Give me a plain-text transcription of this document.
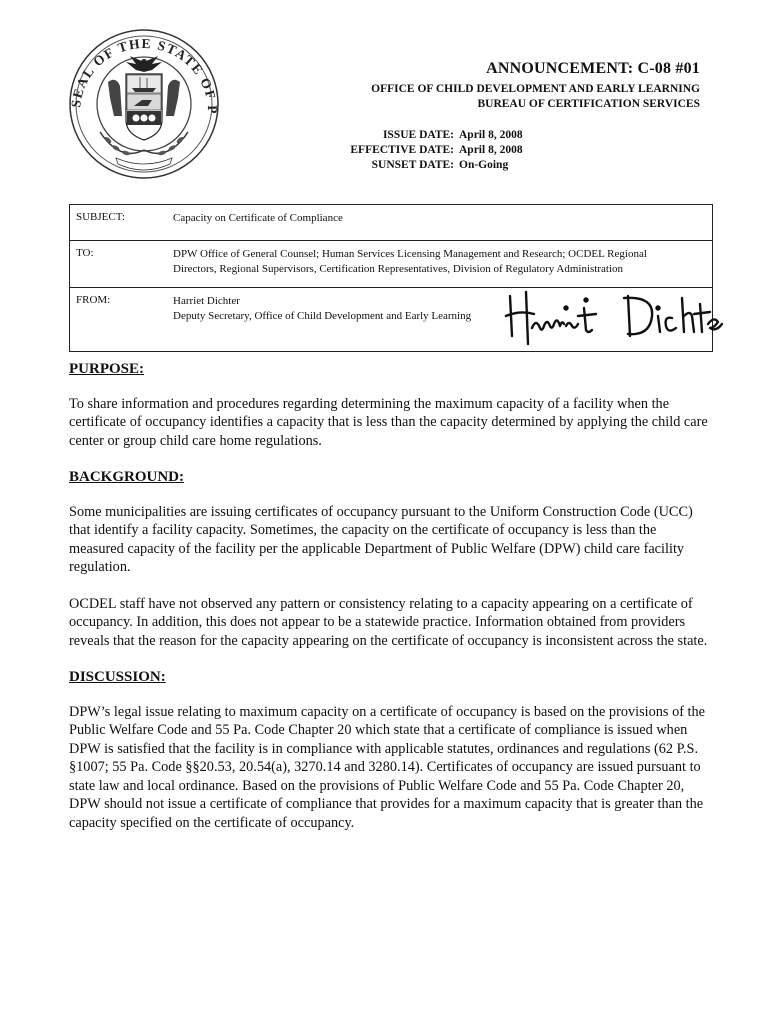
SEAL OF THE STATE OF P
ANNOUNCEMENT: C-08 #01
OFFICE OF CHILD DEVELOPMENT AND EARLY LEARNING
BUREAU OF CERTIFICATION SERVICES
ISSUE DATE: April 8, 2008
EFFECTIVE DATE: April 8, 2008
SUNSET DATE: On-Going
SUBJECT:	Capacity on Certificate of Compliance
TO:	DPW Office of General Counsel; Human Services Licensing Management and Research; OCDEL Regional
Directors, Regional Supervisors, Certification Representatives, Division of Regulatory Administration
FROM:	Harriet Dichter
Deputy Secretary, Office of Child Development and Early Learning
PURPOSE:

To share information and procedures regarding determining the maximum capacity of a facility when the certificate of occupancy identifies a capacity that is less than the capacity determined by applying the child care center or group child care home regulations.

BACKGROUND:

Some municipalities are issuing certificates of occupancy pursuant to the Uniform Construction Code (UCC) that identify a facility capacity. Sometimes, the capacity on the certificate of occupancy is less than the measured capacity of the facility per the applicable Department of Public Welfare (DPW) child care facility regulation.

OCDEL staff have not observed any pattern or consistency relating to a capacity appearing on a certificate of occupancy. In addition, this does not appear to be a statewide practice. Information obtained from providers reveals that the reason for the capacity appearing on the certificate of occupancy is inconsistent across the state.

DISCUSSION:

DPW’s legal issue relating to maximum capacity on a certificate of occupancy is based on the provisions of the Public Welfare Code and 55 Pa. Code Chapter 20 which state that a certificate of compliance is issued when DPW is satisfied that the facility is in compliance with applicable statutes, ordinances and regulations (62 P.S. §1007; 55 Pa. Code §§20.53, 20.54(a), 3270.14 and 3280.14). Certificates of occupancy are issued pursuant to state law and local ordinance. Based on the provisions of Public Welfare Code and 55 Pa. Code Chapter 20, DPW should not issue a certificate of compliance that provides for a maximum capacity that is greater than the capacity specified on the certificate of occupancy.
